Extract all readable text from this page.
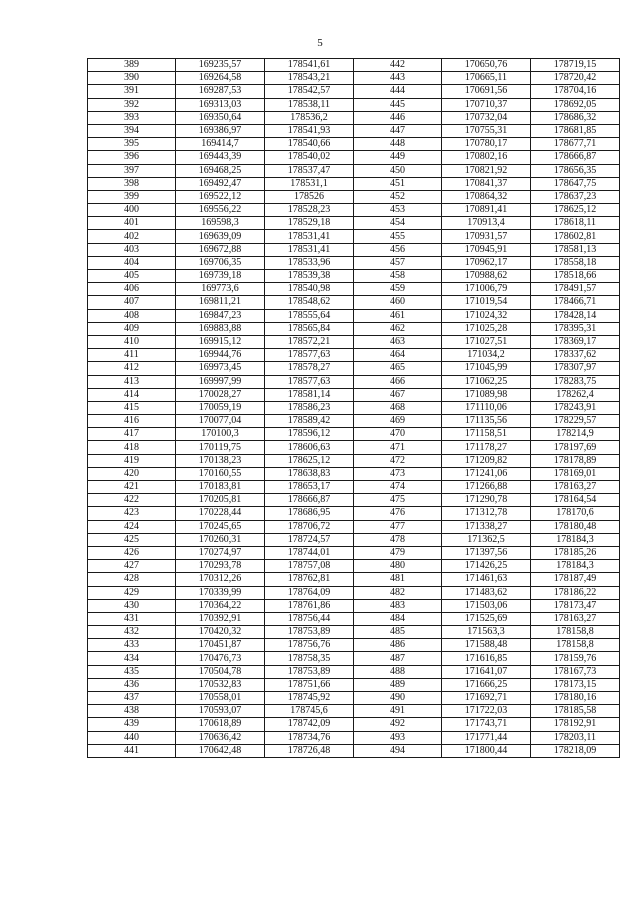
5
389	169235,57	178541,61	442	170650,76	178719,15
390	169264,58	178543,21	443	170665,11	178720,42
391	169287,53	178542,57	444	170691,56	178704,16
392	169313,03	178538,11	445	170710,37	178692,05
393	169350,64	178536,2	446	170732,04	178686,32
394	169386,97	178541,93	447	170755,31	178681,85
395	169414,7	178540,66	448	170780,17	178677,71
396	169443,39	178540,02	449	170802,16	178666,87
397	169468,25	178537,47	450	170821,92	178656,35
398	169492,47	178531,1	451	170841,37	178647,75
399	169522,12	178526	452	170864,32	178637,23
400	169556,22	178528,23	453	170891,41	178625,12
401	169598,3	178529,18	454	170913,4	178618,11
402	169639,09	178531,41	455	170931,57	178602,81
403	169672,88	178531,41	456	170945,91	178581,13
404	169706,35	178533,96	457	170962,17	178558,18
405	169739,18	178539,38	458	170988,62	178518,66
406	169773,6	178540,98	459	171006,79	178491,57
407	169811,21	178548,62	460	171019,54	178466,71
408	169847,23	178555,64	461	171024,32	178428,14
409	169883,88	178565,84	462	171025,28	178395,31
410	169915,12	178572,21	463	171027,51	178369,17
411	169944,76	178577,63	464	171034,2	178337,62
412	169973,45	178578,27	465	171045,99	178307,97
413	169997,99	178577,63	466	171062,25	178283,75
414	170028,27	178581,14	467	171089,98	178262,4
415	170059,19	178586,23	468	171110,06	178243,91
416	170077,04	178589,42	469	171135,56	178229,57
417	170100,3	178596,12	470	171158,51	178214,9
418	170119,75	178606,63	471	171178,27	178197,69
419	170138,23	178625,12	472	171209,82	178178,89
420	170160,55	178638,83	473	171241,06	178169,01
421	170183,81	178653,17	474	171266,88	178163,27
422	170205,81	178666,87	475	171290,78	178164,54
423	170228,44	178686,95	476	171312,78	178170,6
424	170245,65	178706,72	477	171338,27	178180,48
425	170260,31	178724,57	478	171362,5	178184,3
426	170274,97	178744,01	479	171397,56	178185,26
427	170293,78	178757,08	480	171426,25	178184,3
428	170312,26	178762,81	481	171461,63	178187,49
429	170339,99	178764,09	482	171483,62	178186,22
430	170364,22	178761,86	483	171503,06	178173,47
431	170392,91	178756,44	484	171525,69	178163,27
432	170420,32	178753,89	485	171563,3	178158,8
433	170451,87	178756,76	486	171588,48	178158,8
434	170476,73	178758,35	487	171616,85	178159,76
435	170504,78	178753,89	488	171641,07	178167,73
436	170532,83	178751,66	489	171666,25	178173,15
437	170558,01	178745,92	490	171692,71	178180,16
438	170593,07	178745,6	491	171722,03	178185,58
439	170618,89	178742,09	492	171743,71	178192,91
440	170636,42	178734,76	493	171771,44	178203,11
441	170642,48	178726,48	494	171800,44	178218,09
